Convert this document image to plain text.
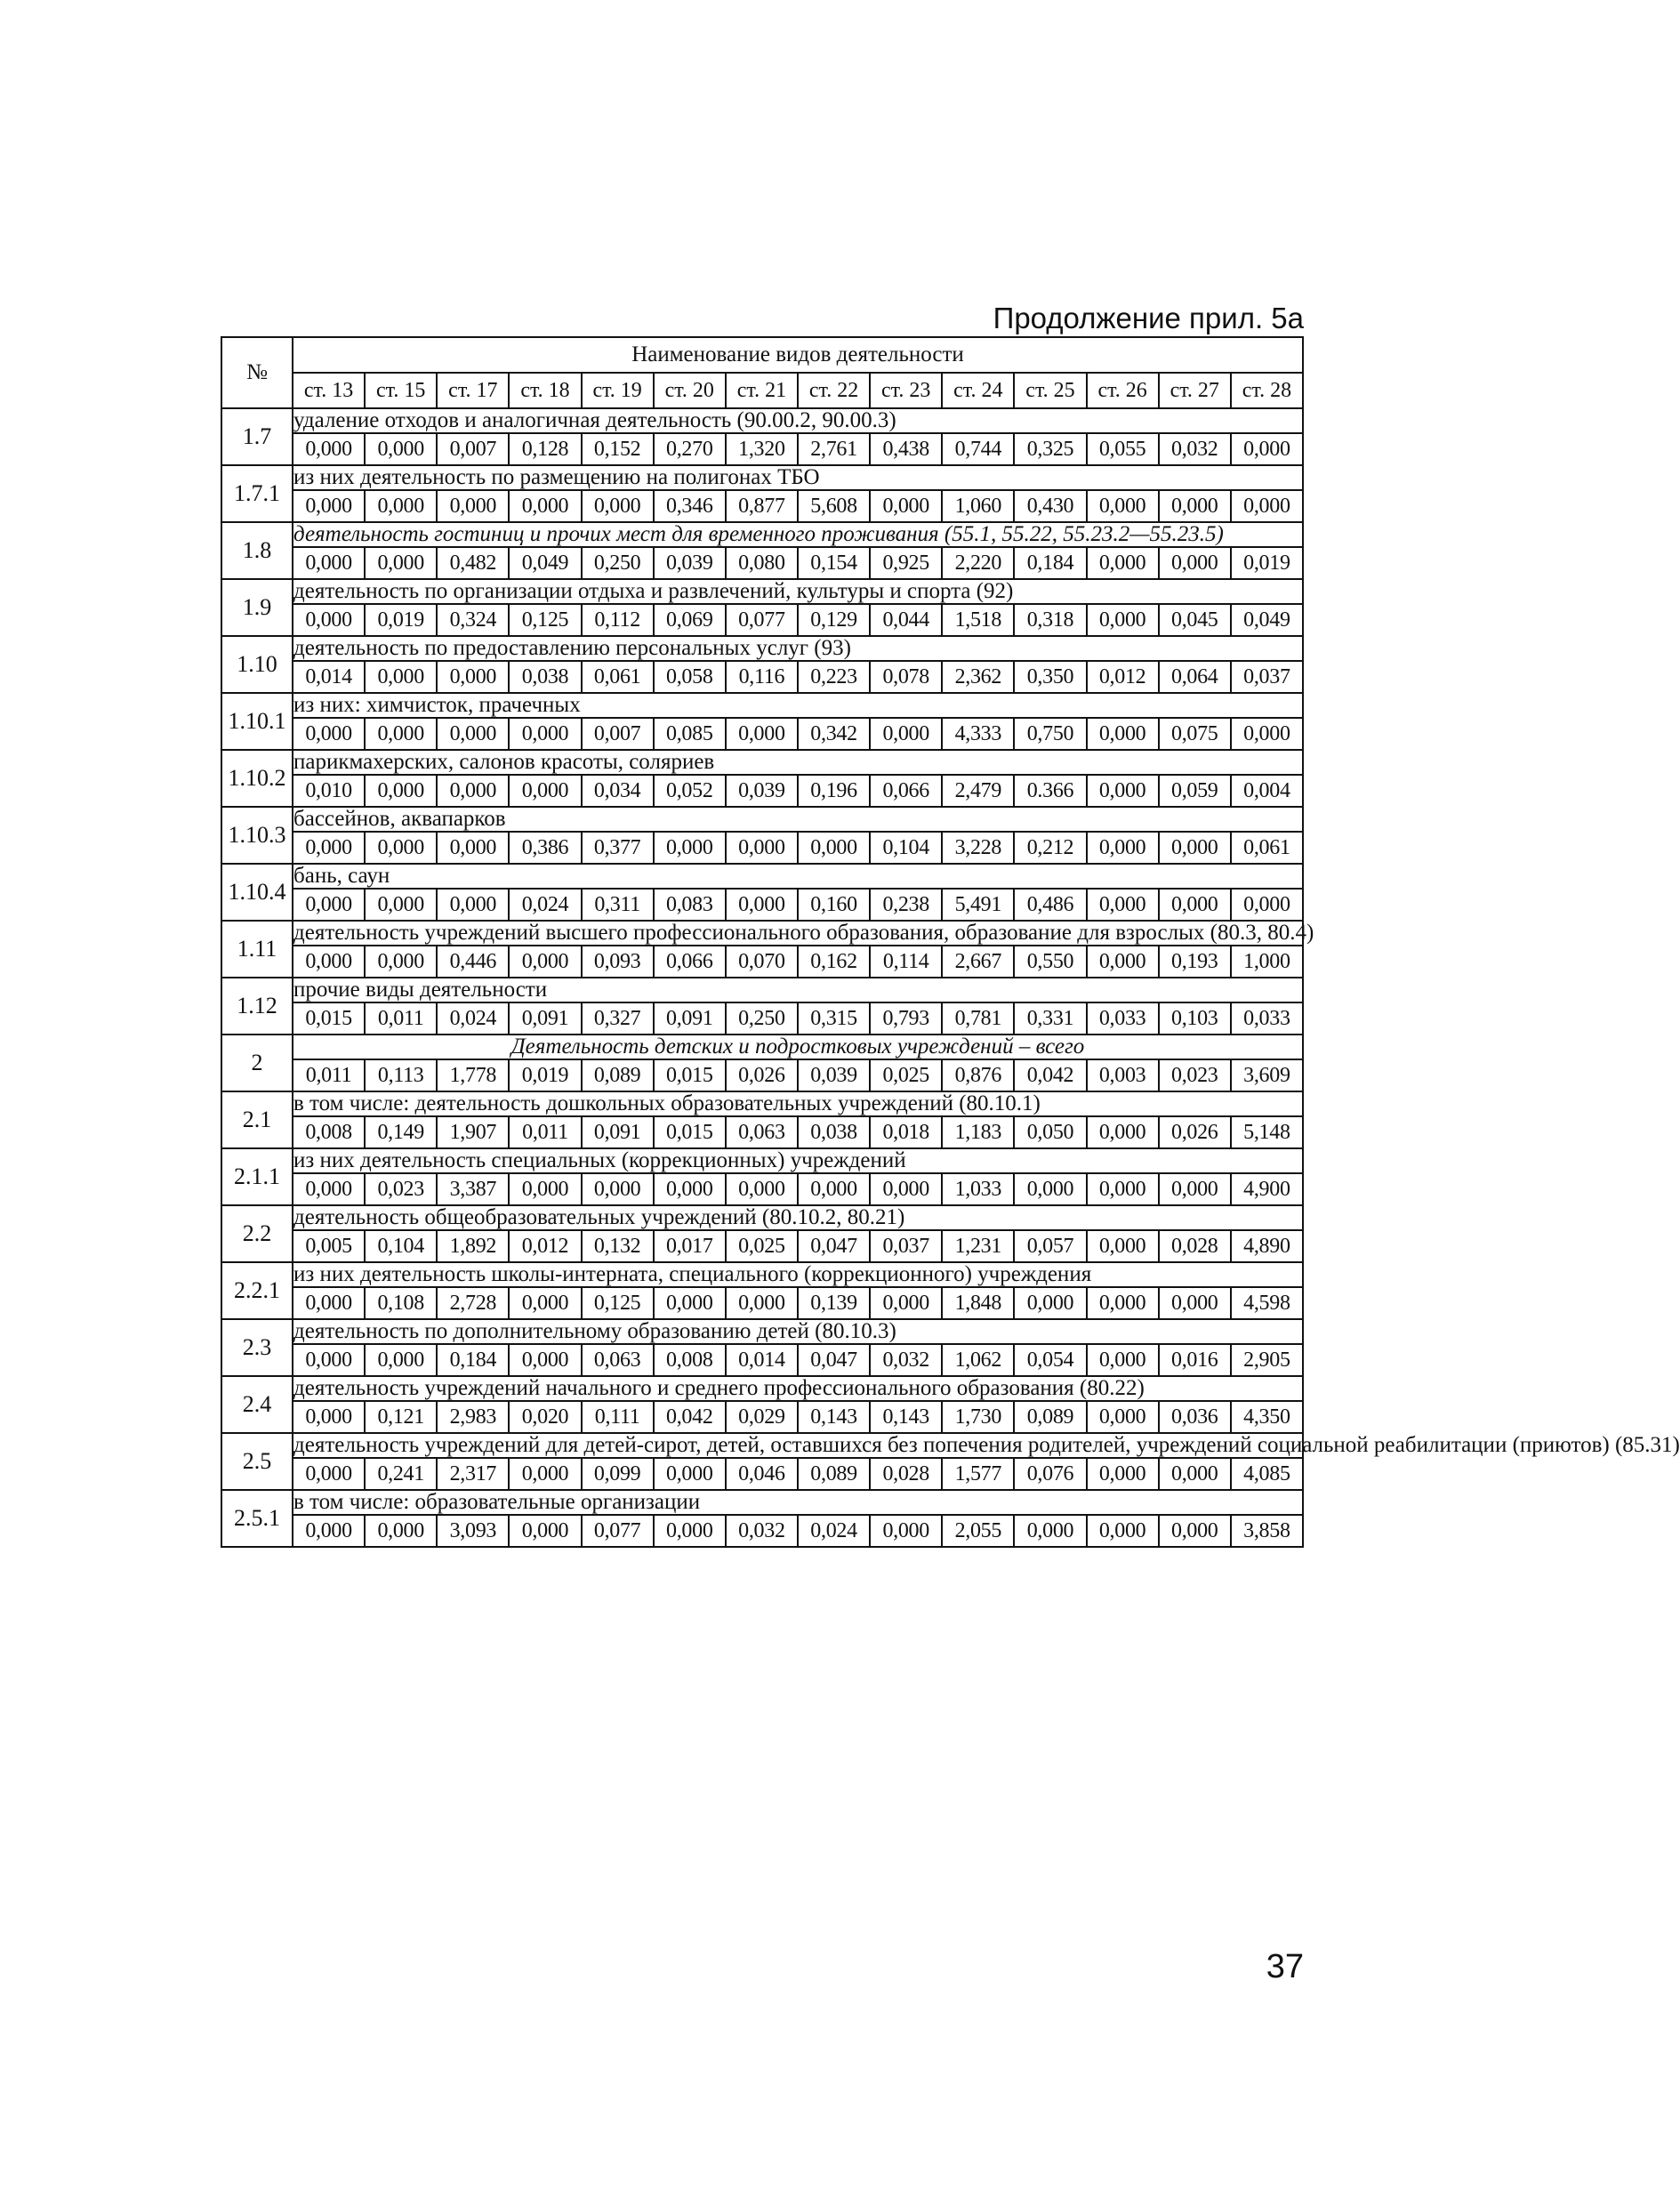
Продолжение прил. 5а
№	Наименование видов деятельности													
	ст. 13	ст. 15	ст. 17	ст. 18	ст. 19	ст. 20	ст. 21	ст. 22	ст. 23	ст. 24	ст. 25	ст. 26	ст. 27	ст. 28
1.7	удаление отходов и аналогичная деятельность (90.00.2, 90.00.3)													
	0,000	0,000	0,007	0,128	0,152	0,270	1,320	2,761	0,438	0,744	0,325	0,055	0,032	0,000
1.7.1	из них деятельность по размещению на полигонах ТБО													
	0,000	0,000	0,000	0,000	0,000	0,346	0,877	5,608	0,000	1,060	0,430	0,000	0,000	0,000
1.8	деятельность гостиниц и прочих мест для временного проживания (55.1, 55.22, 55.23.2—55.23.5)													
	0,000	0,000	0,482	0,049	0,250	0,039	0,080	0,154	0,925	2,220	0,184	0,000	0,000	0,019
1.9	деятельность по организации отдыха и развлечений, культуры и спорта (92)													
	0,000	0,019	0,324	0,125	0,112	0,069	0,077	0,129	0,044	1,518	0,318	0,000	0,045	0,049
1.10	деятельность по предоставлению персональных услуг (93)													
	0,014	0,000	0,000	0,038	0,061	0,058	0,116	0,223	0,078	2,362	0,350	0,012	0,064	0,037
1.10.1	из них: химчисток, прачечных													
	0,000	0,000	0,000	0,000	0,007	0,085	0,000	0,342	0,000	4,333	0,750	0,000	0,075	0,000
1.10.2	парикмахерских, салонов красоты, соляриев													
	0,010	0,000	0,000	0,000	0,034	0,052	0,039	0,196	0,066	2,479	0.366	0,000	0,059	0,004
1.10.3	бассейнов, аквапарков													
	0,000	0,000	0,000	0,386	0,377	0,000	0,000	0,000	0,104	3,228	0,212	0,000	0,000	0,061
1.10.4	бань, саун													
	0,000	0,000	0,000	0,024	0,311	0,083	0,000	0,160	0,238	5,491	0,486	0,000	0,000	0,000
1.11	деятельность учреждений высшего профессионального образования, образование для взрослых (80.3, 80.4)													
	0,000	0,000	0,446	0,000	0,093	0,066	0,070	0,162	0,114	2,667	0,550	0,000	0,193	1,000
1.12	прочие виды деятельности													
	0,015	0,011	0,024	0,091	0,327	0,091	0,250	0,315	0,793	0,781	0,331	0,033	0,103	0,033
2	Деятельность детских и подростковых учреждений – всего													
	0,011	0,113	1,778	0,019	0,089	0,015	0,026	0,039	0,025	0,876	0,042	0,003	0,023	3,609
2.1	в том числе: деятельность дошкольных образовательных учреждений (80.10.1)													
	0,008	0,149	1,907	0,011	0,091	0,015	0,063	0,038	0,018	1,183	0,050	0,000	0,026	5,148
2.1.1	из них деятельность специальных (коррекционных) учреждений													
	0,000	0,023	3,387	0,000	0,000	0,000	0,000	0,000	0,000	1,033	0,000	0,000	0,000	4,900
2.2	деятельность общеобразовательных учреждений (80.10.2, 80.21)													
	0,005	0,104	1,892	0,012	0,132	0,017	0,025	0,047	0,037	1,231	0,057	0,000	0,028	4,890
2.2.1	из них деятельность школы-интерната, специального (коррекционного) учреждения													
	0,000	0,108	2,728	0,000	0,125	0,000	0,000	0,139	0,000	1,848	0,000	0,000	0,000	4,598
2.3	деятельность по дополнительному образованию детей (80.10.3)													
	0,000	0,000	0,184	0,000	0,063	0,008	0,014	0,047	0,032	1,062	0,054	0,000	0,016	2,905
2.4	деятельность учреждений начального и среднего профессионального образования (80.22)													
	0,000	0,121	2,983	0,020	0,111	0,042	0,029	0,143	0,143	1,730	0,089	0,000	0,036	4,350
2.5	деятельность учреждений для детей-сирот, детей, оставшихся без попечения родителей, учреждений социальной реабилитации (приютов) (85.31)													
	0,000	0,241	2,317	0,000	0,099	0,000	0,046	0,089	0,028	1,577	0,076	0,000	0,000	4,085
2.5.1	в том числе: образовательные организации													
	0,000	0,000	3,093	0,000	0,077	0,000	0,032	0,024	0,000	2,055	0,000	0,000	0,000	3,858
37
